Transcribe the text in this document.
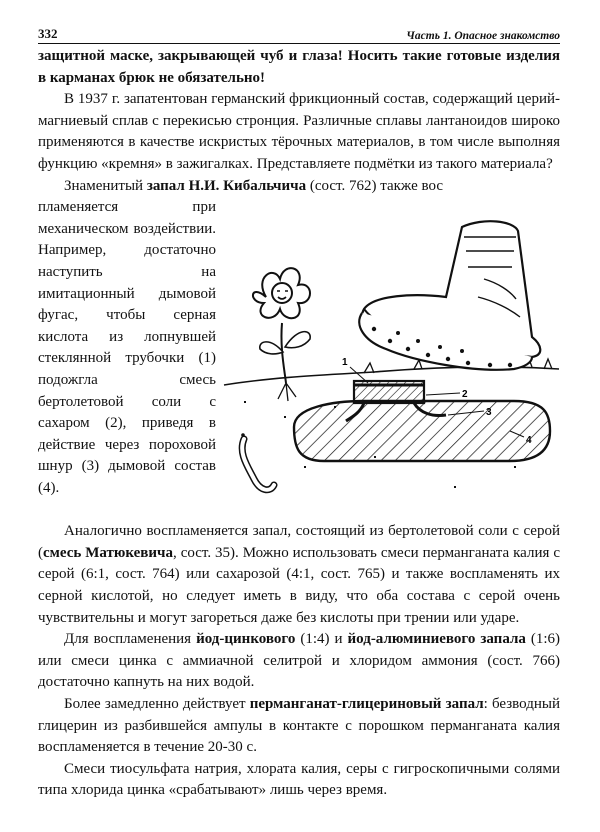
332	Часть 1. Опасное знакомство

защитной маске, закрывающей чуб и глаза! Носить такие готовые изделия в карманах брюк не обязательно!

В 1937 г. запатентован германский фрикционный состав, содержащий церий-магниевый сплав с перекисью стронция. Различные сплавы лантаноидов широко применяются в качестве искристых тёрочных материалов, в том числе выполняя функцию «кремня» в зажигалках. Представляете подмётки из такого материала?

Знаменитый запал Н.И. Кибальчича (сост. 762) также вос

пламеняется при механическом воздействии. Например, достаточно наступить на имитационный дымовой фугас, чтобы серная кислота из лопнувшей стеклянной трубочки (1) подожгла смесь бертолетовой соли с сахаром (2), приведя в действие через пороховой шнур (3) дымовой состав (4).

1
2
3
4

Аналогично воспламеняется запал, состоящий из бертолетовой соли с серой (смесь Матюкевича, сост. 35). Можно использовать смеси перманганата калия с серой (6:1, сост. 764) или сахарозой (4:1, сост. 765) и также воспламенять их серной кислотой, но следует иметь в виду, что оба состава с серой очень чувствительны и могут загореться даже без кислоты при трении или ударе.

Для воспламенения йод-цинкового (1:4) и йод-алюминиевого запала (1:6) или смеси цинка с аммиачной селитрой и хлоридом аммония (сост. 766) достаточно капнуть на них водой.

Более замедленно действует перманганат-глицериновый запал: безводный глицерин из разбившейся ампулы в контакте с порошком перманганата калия воспламеняется в течение 20-30 с.

Смеси тиосульфата натрия, хлората калия, серы с гигроскопичными солями типа хлорида цинка «срабатывают» лишь через время.
